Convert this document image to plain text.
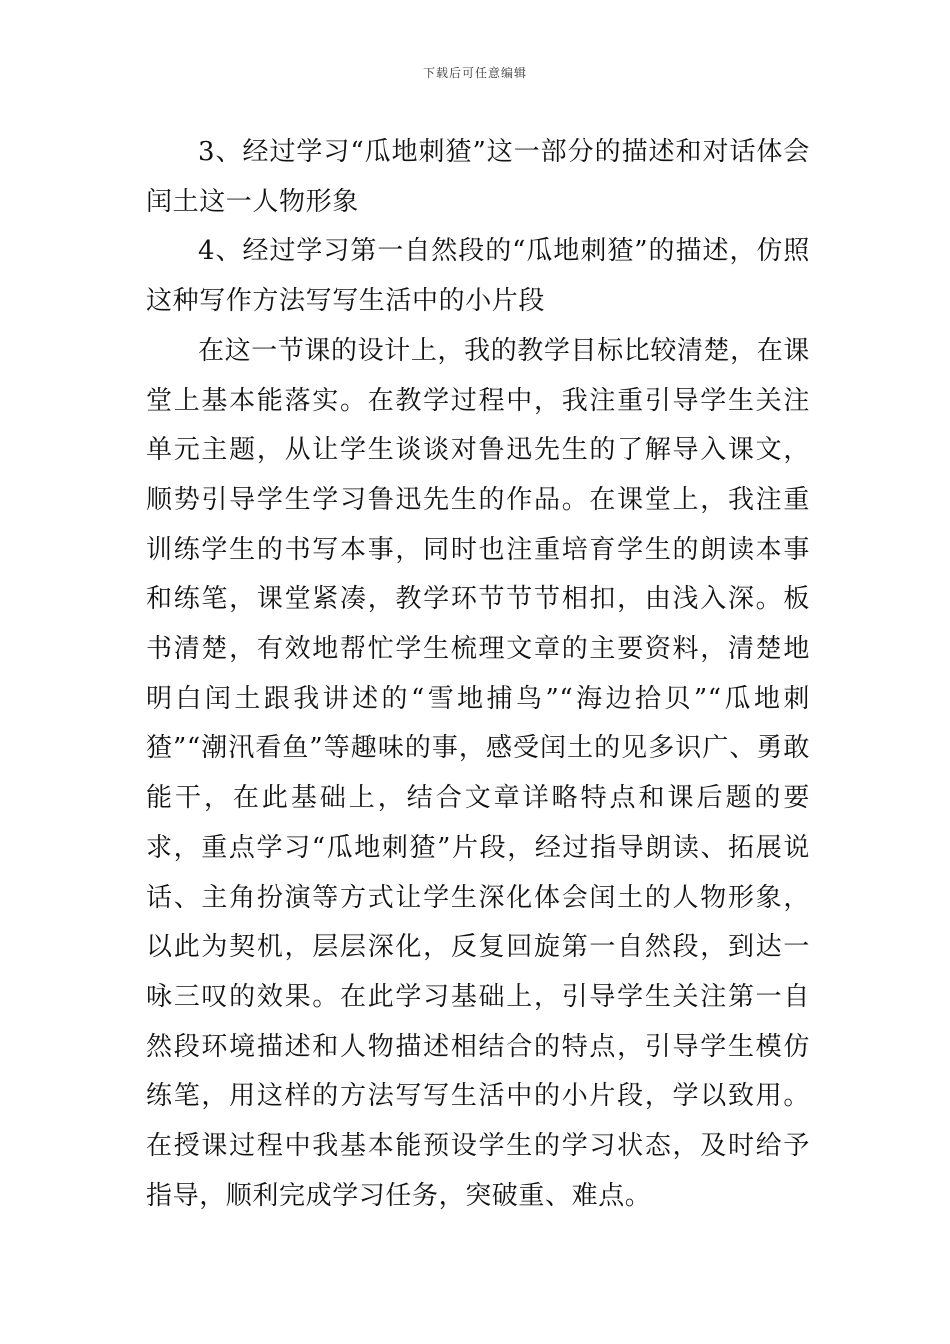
下载后可任意编辑

3、经过学习“瓜地刺猹”这一部分的描述和对话体会闰土这一人物形象

4、经过学习第一自然段的“瓜地刺猹”的描述，仿照这种写作方法写写生活中的小片段

在这一节课的设计上，我的教学目标比较清楚，在课堂上基本能落实。在教学过程中，我注重引导学生关注单元主题，从让学生谈谈对鲁迅先生的了解导入课文，顺势引导学生学习鲁迅先生的作品。在课堂上，我注重训练学生的书写本事，同时也注重培育学生的朗读本事和练笔，课堂紧凑，教学环节节节相扣，由浅入深。板书清楚，有效地帮忙学生梳理文章的主要资料，清楚地明白闰土跟我讲述的“雪地捕鸟”“海边拾贝”“瓜地刺猹”“潮汛看鱼”等趣味的事，感受闰土的见多识广、勇敢能干，在此基础上，结合文章详略特点和课后题的要求，重点学习“瓜地刺猹”片段，经过指导朗读、拓展说话、主角扮演等方式让学生深化体会闰土的人物形象，以此为契机，层层深化，反复回旋第一自然段，到达一咏三叹的效果。在此学习基础上，引导学生关注第一自然段环境描述和人物描述相结合的特点，引导学生模仿练笔，用这样的方法写写生活中的小片段，学以致用。在授课过程中我基本能预设学生的学习状态，及时给予指导，顺利完成学习任务，突破重、难点。
